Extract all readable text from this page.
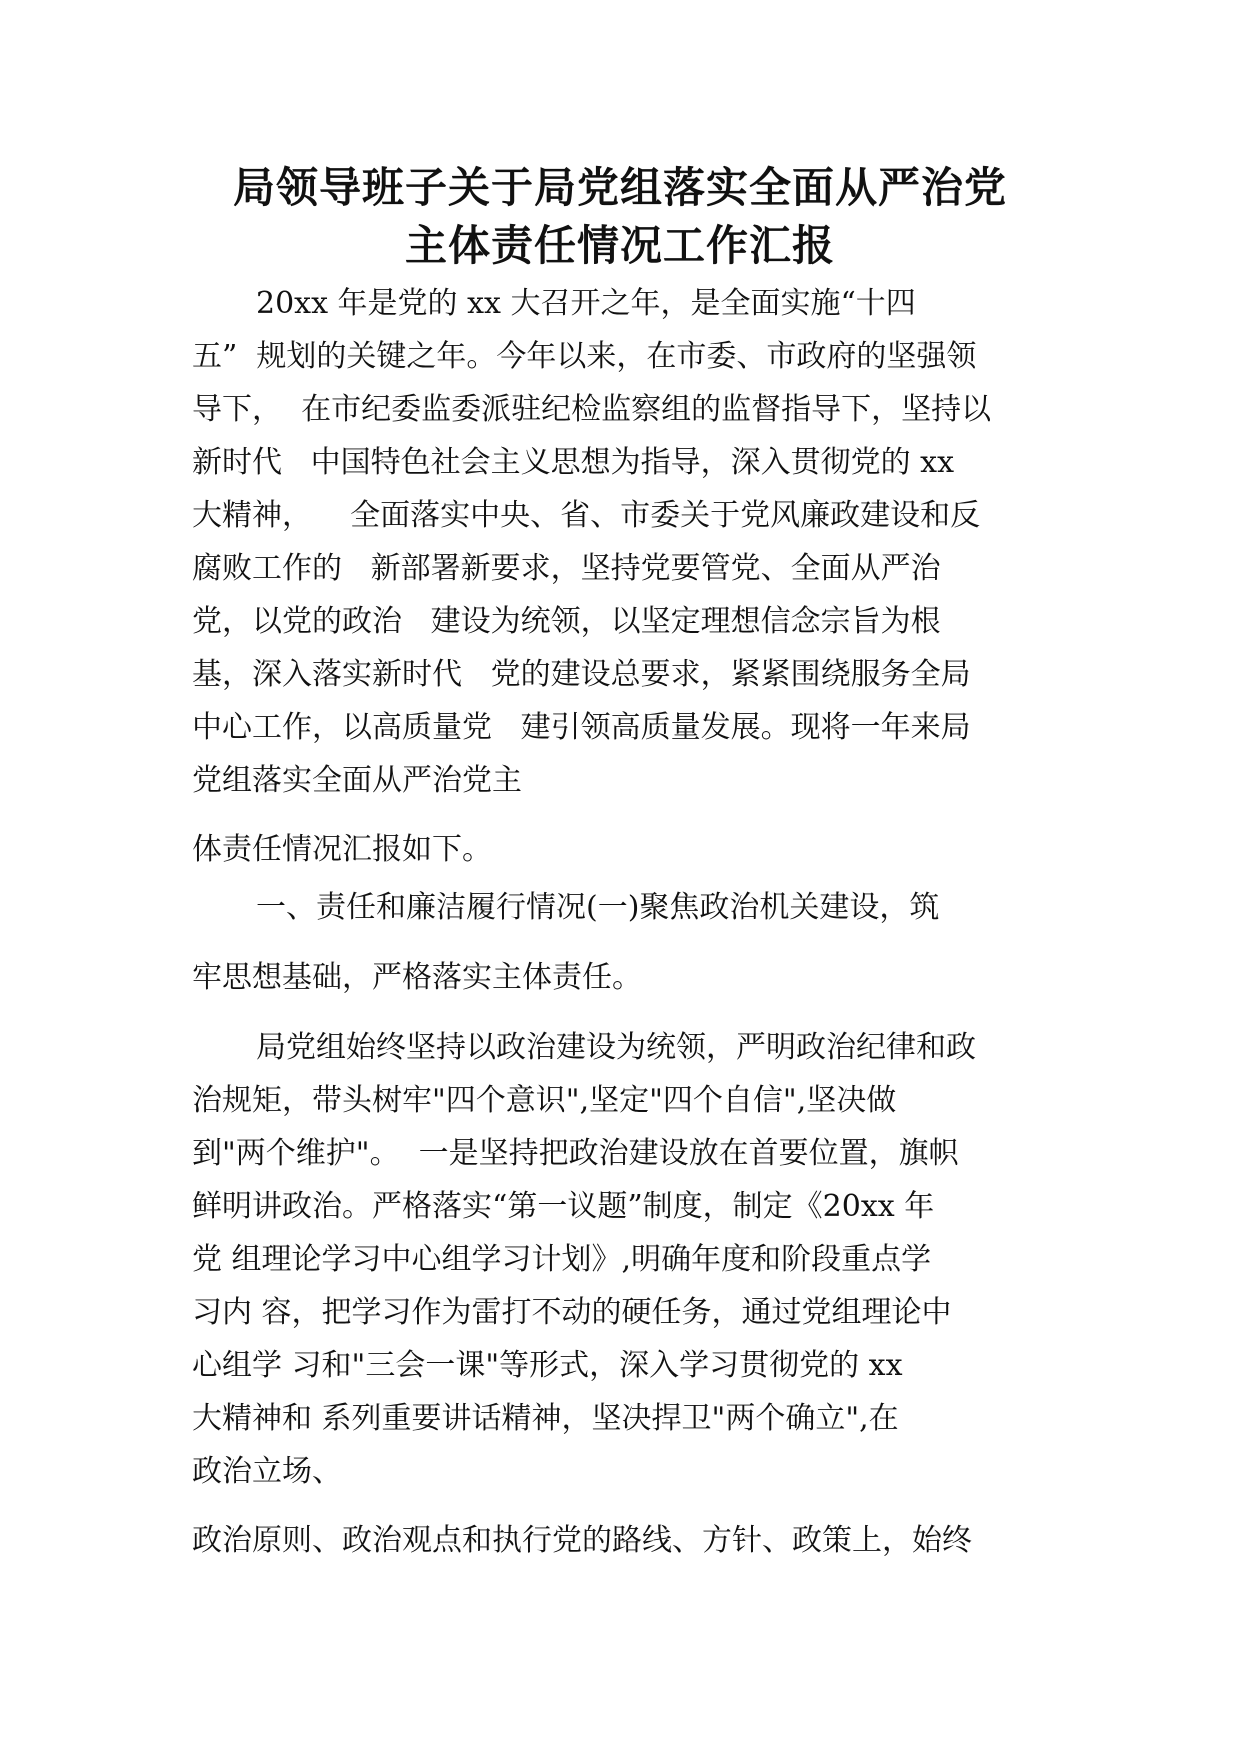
局领导班子关于局党组落实全面从严治党
主体责任情况工作汇报
20xx 年是党的 xx 大召开之年，是全面实施“十四
五”  规划的关键之年。今年以来，在市委、市政府的坚强领
导下，  在市纪委监委派驻纪检监察组的监督指导下，坚持以
新时代   中国特色社会主义思想为指导，深入贯彻党的 xx
大精神，    全面落实中央、省、市委关于党风廉政建设和反
腐败工作的   新部署新要求，坚持党要管党、全面从严治
党，以党的政治   建设为统领，以坚定理想信念宗旨为根
基，深入落实新时代   党的建设总要求，紧紧围绕服务全局
中心工作，以高质量党   建引领高质量发展。现将一年来局
党组落实全面从严治党主
体责任情况汇报如下。
一、责任和廉洁履行情况(一)聚焦政治机关建设，筑
牢思想基础，严格落实主体责任。
局党组始终坚持以政治建设为统领，严明政治纪律和政
治规矩，带头树牢"四个意识",坚定"四个自信",坚决做
到"两个维护"。  一是坚持把政治建设放在首要位置，旗帜
鲜明讲政治。严格落实“第一议题”制度，制定《20xx 年
党 组理论学习中心组学习计划》,明确年度和阶段重点学
习内 容，把学习作为雷打不动的硬任务，通过党组理论中
心组学 习和"三会一课"等形式，深入学习贯彻党的 xx
大精神和 系列重要讲话精神，坚决捍卫"两个确立",在
政治立场、
政治原则、政治观点和执行党的路线、方针、政策上，始终
